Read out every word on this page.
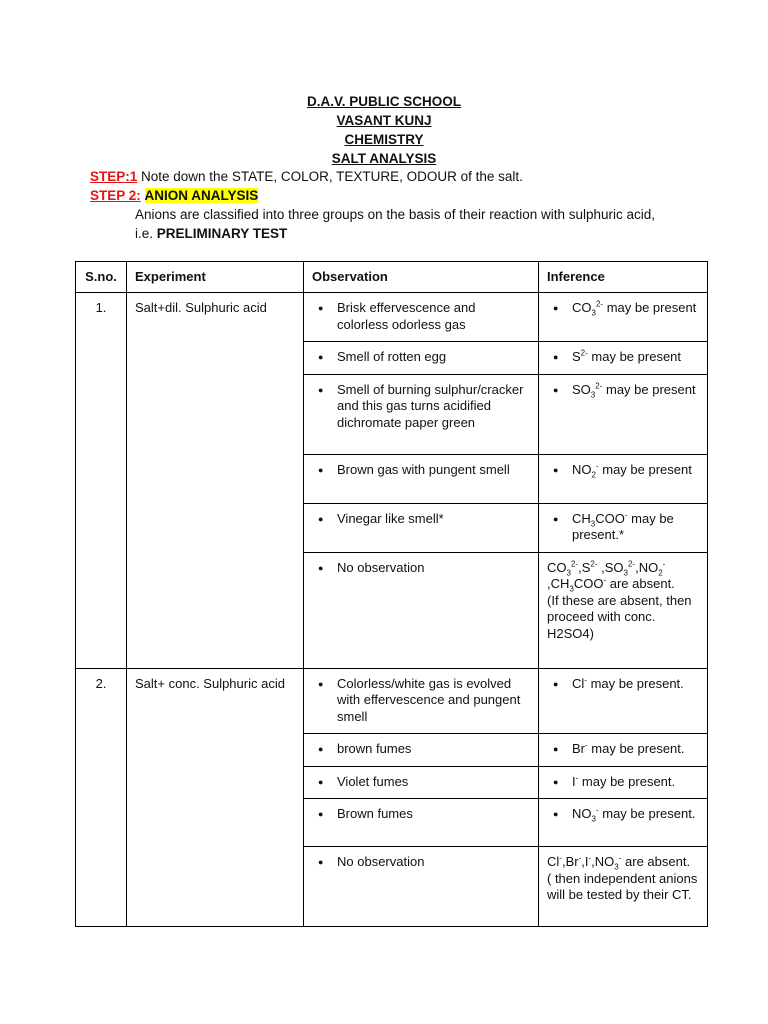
D.A.V. PUBLIC SCHOOL
VASANT KUNJ
CHEMISTRY
SALT ANALYSIS
STEP:1 Note down the STATE, COLOR, TEXTURE, ODOUR of the salt.
STEP 2: ANION ANALYSIS
Anions are classified into three groups on the basis of their reaction with sulphuric acid,
i.e. PRELIMINARY TEST
S.no.	Experiment	Observation	Inference
1.	Salt+dil. Sulphuric acid	● Brisk effervescence and colorless odorless gas	● $CO_3^{2-}$ may be present

		● Smell of rotten egg	● $S^{2-}$ may be present

		● Smell of burning sulphur/cracker and this gas turns acidified dichromate paper green	● $SO_3^{2-}$ may be present

		● Brown gas with pungent smell	● $NO_2^-$ may be present

		● Vinegar like smell*	● $CH_3COO^-$ may be present.*

		● No observation	$CO_3^{2-},S^{2-}$ $,SO_3^{2-},NO_2^-$ $,CH_3COO^-$ are absent.
(If these are absent, then proceed with conc. H2SO4)
2.	Salt+ conc. Sulphuric acid	● Colorless/white gas is evolved with effervescence and pungent smell	● Cl- may be present.

		● brown fumes	● Br- may be present.

		● Violet fumes	● I- may be present.

		● Brown fumes	● $NO_3^-$ may be present.

		● No observation	$Cl^-,Br^-,I^-,NO_3^-$ are absent.
( then independent anions will be tested by their CT.
